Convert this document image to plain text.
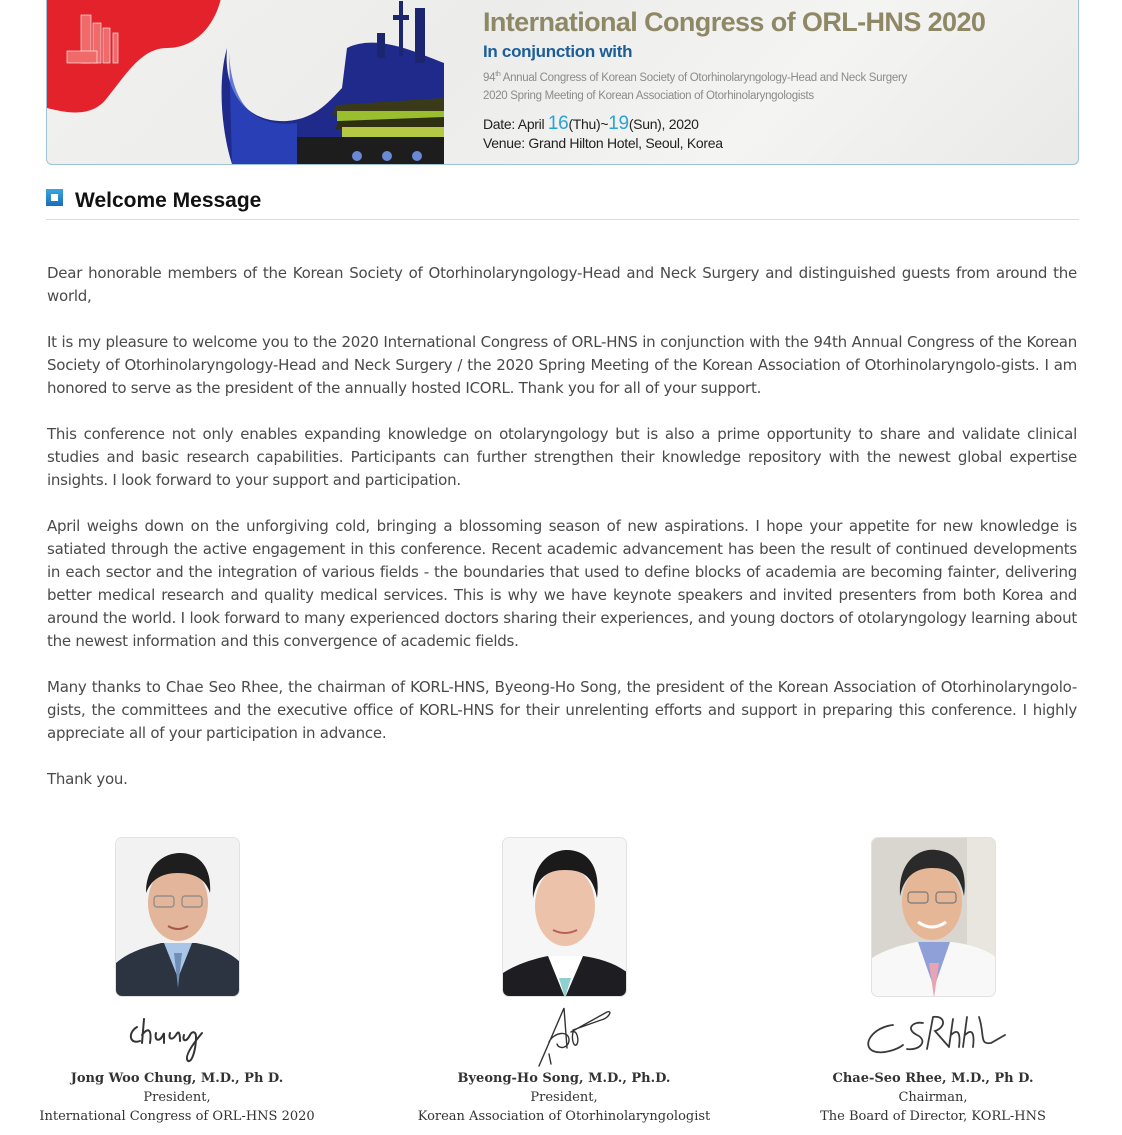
International Congress of ORL-HNS 2020
In conjunction with
94th Annual Congress of Korean Society of Otorhinolaryngology-Head and Neck Surgery
2020 Spring Meeting of Korean Association of Otorhinolaryngologists
Date: April 16(Thu)~19(Sun), 2020
Venue: Grand Hilton Hotel, Seoul, Korea
Welcome Message

Dear honorable members of the Korean Society of Otorhinolaryngology-Head and Neck Surgery and distinguished guests from around the world,

It is my pleasure to welcome you to the 2020 International Congress of ORL-HNS in conjunction with the 94th Annual Congress of the Korean Society of Otorhinolaryngology-Head and Neck Surgery / the 2020 Spring Meeting of the Korean Association of Otorhinolaryngolo-gists. I am honored to serve as the president of the annually hosted ICORL. Thank you for all of your support.

This conference not only enables expanding knowledge on otolaryngology but is also a prime opportunity to share and validate clinical studies and basic research capabilities. Participants can further strengthen their knowledge repository with the newest global expertise insights. I look forward to your support and participation.

April weighs down on the unforgiving cold, bringing a blossoming season of new aspirations. I hope your appetite for new knowledge is satiated through the active engagement in this conference. Recent academic advancement has been the result of continued developments in each sector and the integration of various fields - the boundaries that used to define blocks of academia are becoming fainter, delivering better medical research and quality medical services. This is why we have keynote speakers and invited presenters from both Korea and around the world. I look forward to many experienced doctors sharing their experiences, and young doctors of otolaryngology learning about the newest information and this convergence of academic fields.

Many thanks to Chae Seo Rhee, the chairman of KORL-HNS, Byeong-Ho Song, the president of the Korean Association of Otorhinolaryngolo-gists, the committees and the executive office of KORL-HNS for their unrelenting efforts and support in preparing this conference. I highly appreciate all of your participation in advance.

Thank you.

Jong Woo Chung, M.D., Ph D.
President,
International Congress of ORL-HNS 2020
Byeong-Ho Song, M.D., Ph.D.
President,
Korean Association of Otorhinolaryngologist
Chae-Seo Rhee, M.D., Ph D.
Chairman,
The Board of Director, KORL-HNS
